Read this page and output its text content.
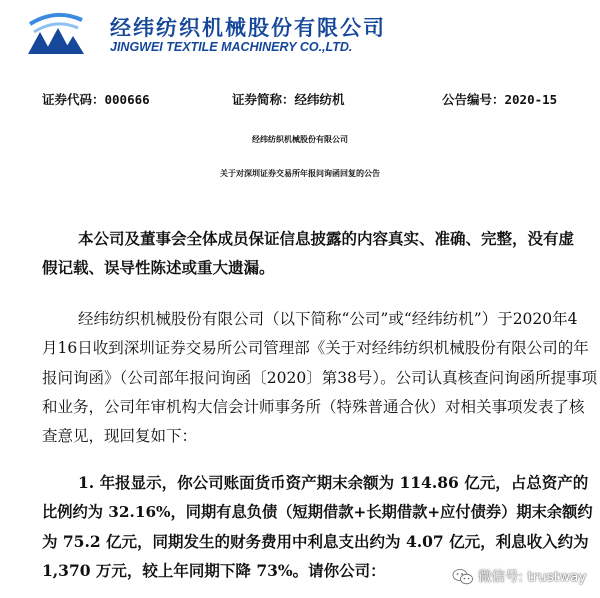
经纬纺织机械股份有限公司
JINGWEI TEXTILE MACHINERY CO.,LTD.
证券代码：000666	证券简称：经纬纺机	公告编号：2020-15
经纬纺织机械股份有限公司
关于对深圳证券交易所年报问询函回复的公告
本公司及董事会全体成员保证信息披露的内容真实、准确、完整，没有虚
假记载、误导性陈述或重大遗漏。
经纬纺织机械股份有限公司（以下简称“公司”或“经纬纺机”）于2020年4
月16日收到深圳证券交易所公司管理部《关于对经纬纺织机械股份有限公司的年
报问询函》（公司部年报问询函〔2020〕第38号）。公司认真核查问询函所提事项
和业务，公司年审机构大信会计师事务所（特殊普通合伙）对相关事项发表了核
查意见，现回复如下：
1. 年报显示，你公司账面货币资产期末余额为 114.86 亿元，占总资产的
比例约为 32.16%，同期有息负债（短期借款+长期借款+应付债券）期末余额约
为 75.2 亿元，同期发生的财务费用中利息支出约为 4.07 亿元，利息收入约为
1,370 万元，较上年同期下降 73%。请你公司：	微信号: trustway
